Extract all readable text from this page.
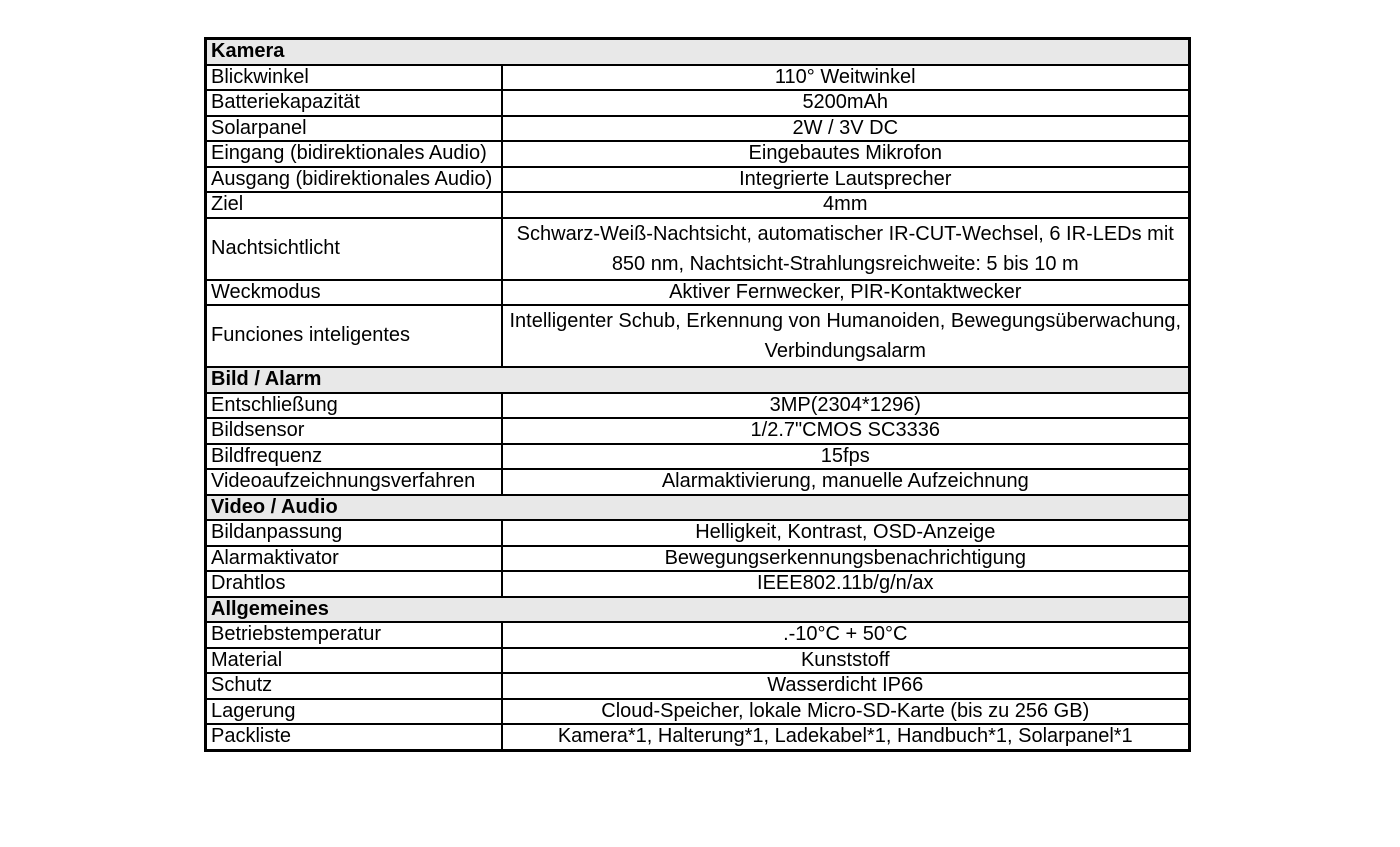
Kamera	
Blickwinkel	110° Weitwinkel
Batteriekapazität	5200mAh
Solarpanel	2W / 3V DC
Eingang (bidirektionales Audio)	Eingebautes Mikrofon
Ausgang (bidirektionales Audio)	Integrierte Lautsprecher
Ziel	4mm
Nachtsichtlicht	Schwarz-Weiß-Nachtsicht, automatischer IR-CUT-Wechsel, 6 IR-LEDs mit 850 nm, Nachtsicht-Strahlungsreichweite: 5 bis 10 m
Weckmodus	Aktiver Fernwecker, PIR-Kontaktwecker
Funciones inteligentes	Intelligenter Schub, Erkennung von Humanoiden, Bewegungsüberwachung, Verbindungsalarm
Bild / Alarm	
Entschließung	3MP(2304*1296)
Bildsensor	1/2.7"CMOS SC3336
Bildfrequenz	15fps
Videoaufzeichnungsverfahren	Alarmaktivierung, manuelle Aufzeichnung
Video / Audio	
Bildanpassung	Helligkeit, Kontrast, OSD-Anzeige
Alarmaktivator	Bewegungserkennungsbenachrichtigung
Drahtlos	IEEE802.11b/g/n/ax
Allgemeines	
Betriebstemperatur	.-10°C + 50°C
Material	Kunststoff
Schutz	Wasserdicht IP66
Lagerung	Cloud-Speicher, lokale Micro-SD-Karte (bis zu 256 GB)
Packliste	Kamera*1, Halterung*1, Ladekabel*1, Handbuch*1, Solarpanel*1
